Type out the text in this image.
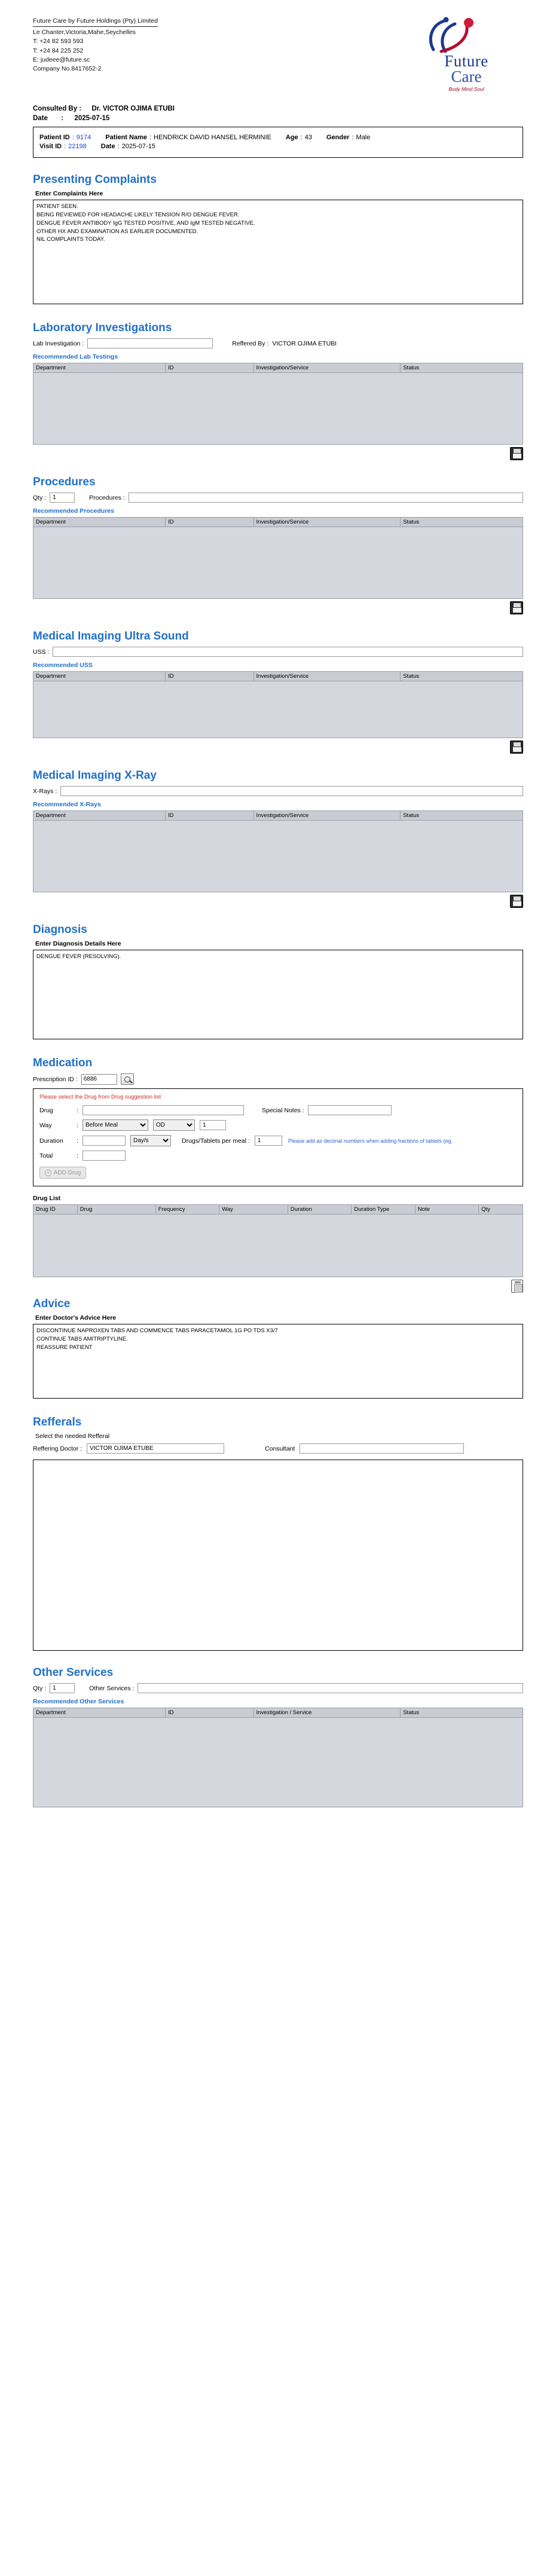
Future Care by Future Holdings (Pty) Limited
Le Chanter,Victoria,Mahe,Seychelles
T: +24 82 593 593
T: +24 84 225 252
E: judeee@future.sc
Company No.8417652-2	Future
Care
Body Mind Soul
Consulted By : Dr. VICTOR OJIMA ETUBI
Date : 2025-07-15
Patient ID : 9174 Patient Name : HENDRICK DAVID HANSEL HERMINIE Age : 43 Gender : Male
Visit ID : 22198 Date : 2025-07-15
Presenting Complaints
Enter Complaints Here
PATIENT SEEN. BEING REVIEWED FOR HEADACHE LIKELY TENSION R/O DENGUE FEVER. DENGUE FEVER ANTIBODY IgG TESTED POSITIVE, AND IgM TESTED NEGATIVE. OTHER HX AND EXAMINATION AS EARLIER DOCUMENTED. NIL COMPLAINTS TODAY.
Laboratory Investigations
Lab Investigation :	Reffered By : VICTOR OJIMA ETUBI
Recommended Lab Testings
Department	ID	Investigation/Service	Status
Procedures
Qty :
1	Procedures :
Recommended Procedures
Department	ID	Investigation/Service	Status
Medical Imaging Ultra Sound
USS :
Recommended USS
Department	ID	Investigation/Service	Status
Medical Imaging X-Ray
X-Rays :
Recommended X-Rays
Department	ID	Investigation/Service	Status
Diagnosis
Enter Diagnosis Details Here
DENGUE FEVER (RESOLVING).
Medication
Prescription ID :
6886
Please select the Drug from Drug suggestion list
Drug	:	Special Notes :
Way	:
Before Meal
OD
1
Duration	:
Day/s	Drugs/Tablets per meal :
1	Please add as decimal numbers when adding fractions of tablets (eg.
Total	:
+ ADD Drug
Drug List
Drug ID	Drug	Frequency	Way	Duration	Duration Type	Note	Qty
Advice
Enter Doctor's Advice Here
DISCONTINUE NAPROXEN TABS AND COMMENCE TABS PARACETAMOL 1G PO TDS X3/7 CONTINUE TABS AMITRIPTYLINE. REASSURE PATIENT
Refferals
Select the needed Refferal
Reffering Doctor :
VICTOR OJIMA ETUBE	Consultant
Other Services
Qty :
1	Other Services :
Recommended Other Services
Department	ID	Investigation / Service	Status
